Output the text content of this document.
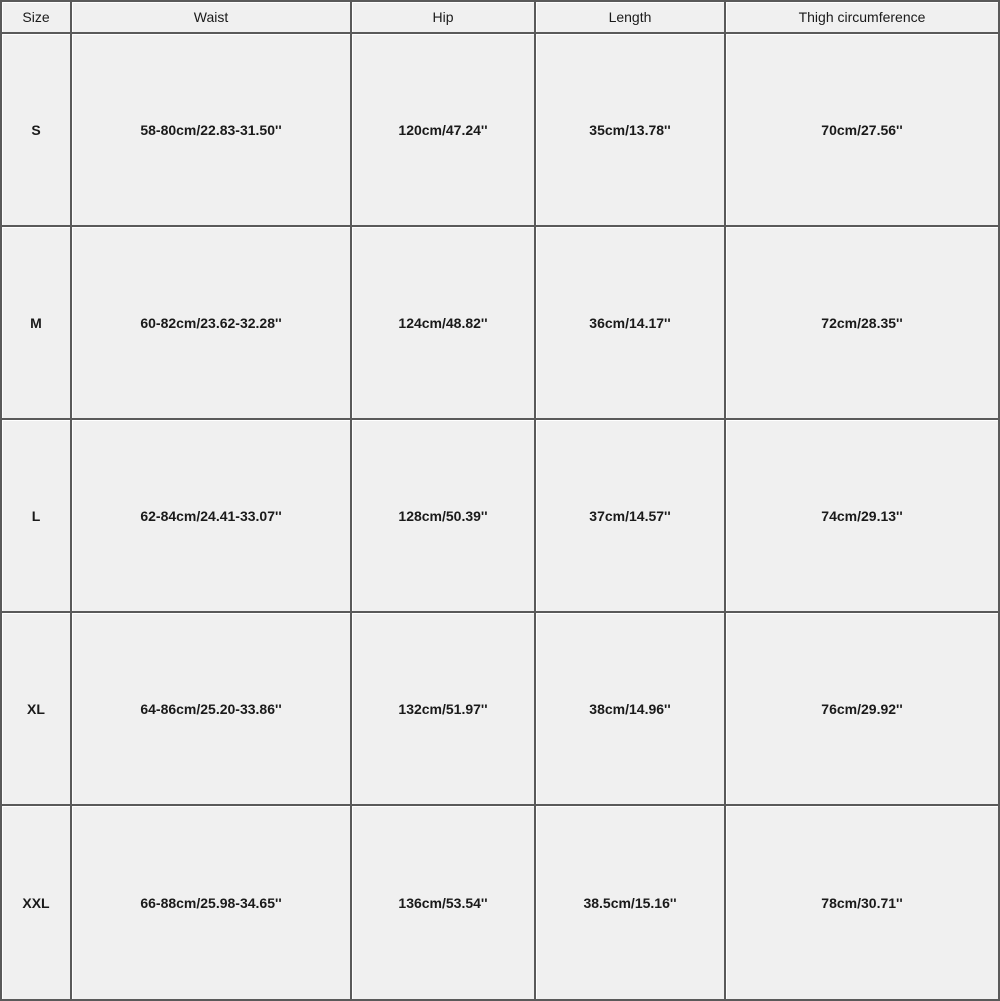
Size	Waist	Hip	Length	Thigh circumference
S	58-80cm/22.83-31.50''	120cm/47.24''	35cm/13.78''	70cm/27.56''
M	60-82cm/23.62-32.28''	124cm/48.82''	36cm/14.17''	72cm/28.35''
L	62-84cm/24.41-33.07''	128cm/50.39''	37cm/14.57''	74cm/29.13''
XL	64-86cm/25.20-33.86''	132cm/51.97''	38cm/14.96''	76cm/29.92''
XXL	66-88cm/25.98-34.65''	136cm/53.54''	38.5cm/15.16''	78cm/30.71''
